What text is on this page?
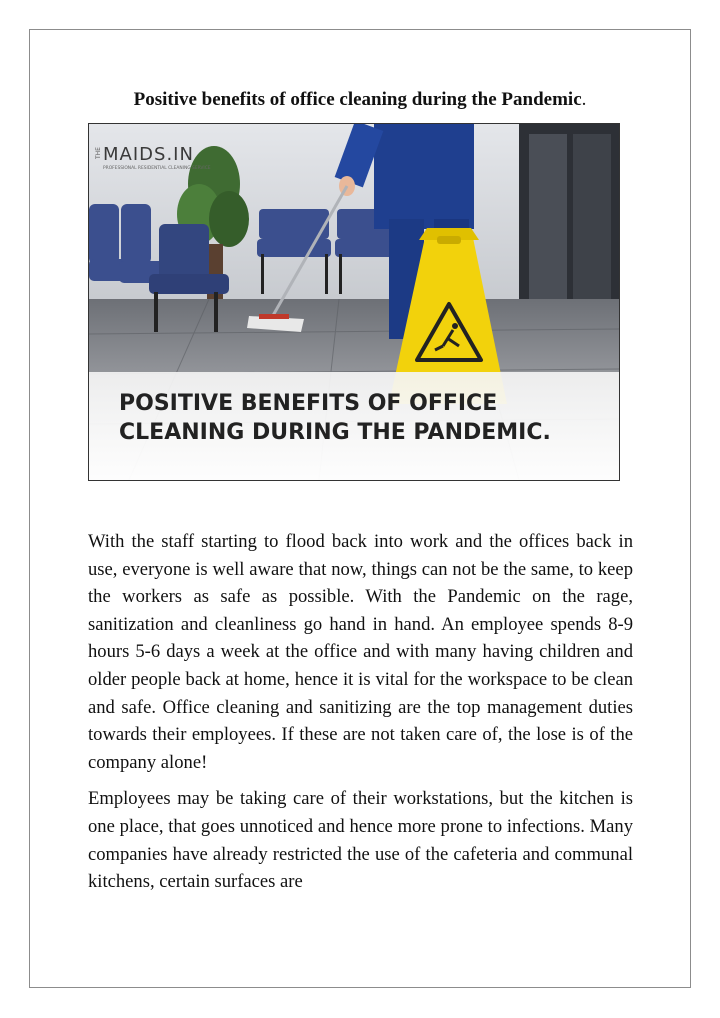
Positive benefits of office cleaning during the Pandemic.
THE MAIDS.IN
PROFESSIONAL RESIDENTIAL CLEANING SERVICE
POSITIVE BENEFITS OF OFFICE
CLEANING DURING THE PANDEMIC.

With the staff starting to flood back into work and the offices back in use, everyone is well aware that now, things can not be the same, to keep the workers as safe as possible. With the Pandemic on the rage, sanitization and cleanliness go hand in hand. An employee spends 8-9 hours 5-6 days a week at the office and with many having children and older people back at home, hence it is vital for the workspace to be clean and safe. Office cleaning and sanitizing are the top management duties towards their employees. If these are not taken care of, the lose is of the company alone!

Employees may be taking care of their workstations, but the kitchen is one place, that goes unnoticed and hence more prone to infections. Many companies have already restricted the use of the cafeteria and communal kitchens, certain surfaces are
